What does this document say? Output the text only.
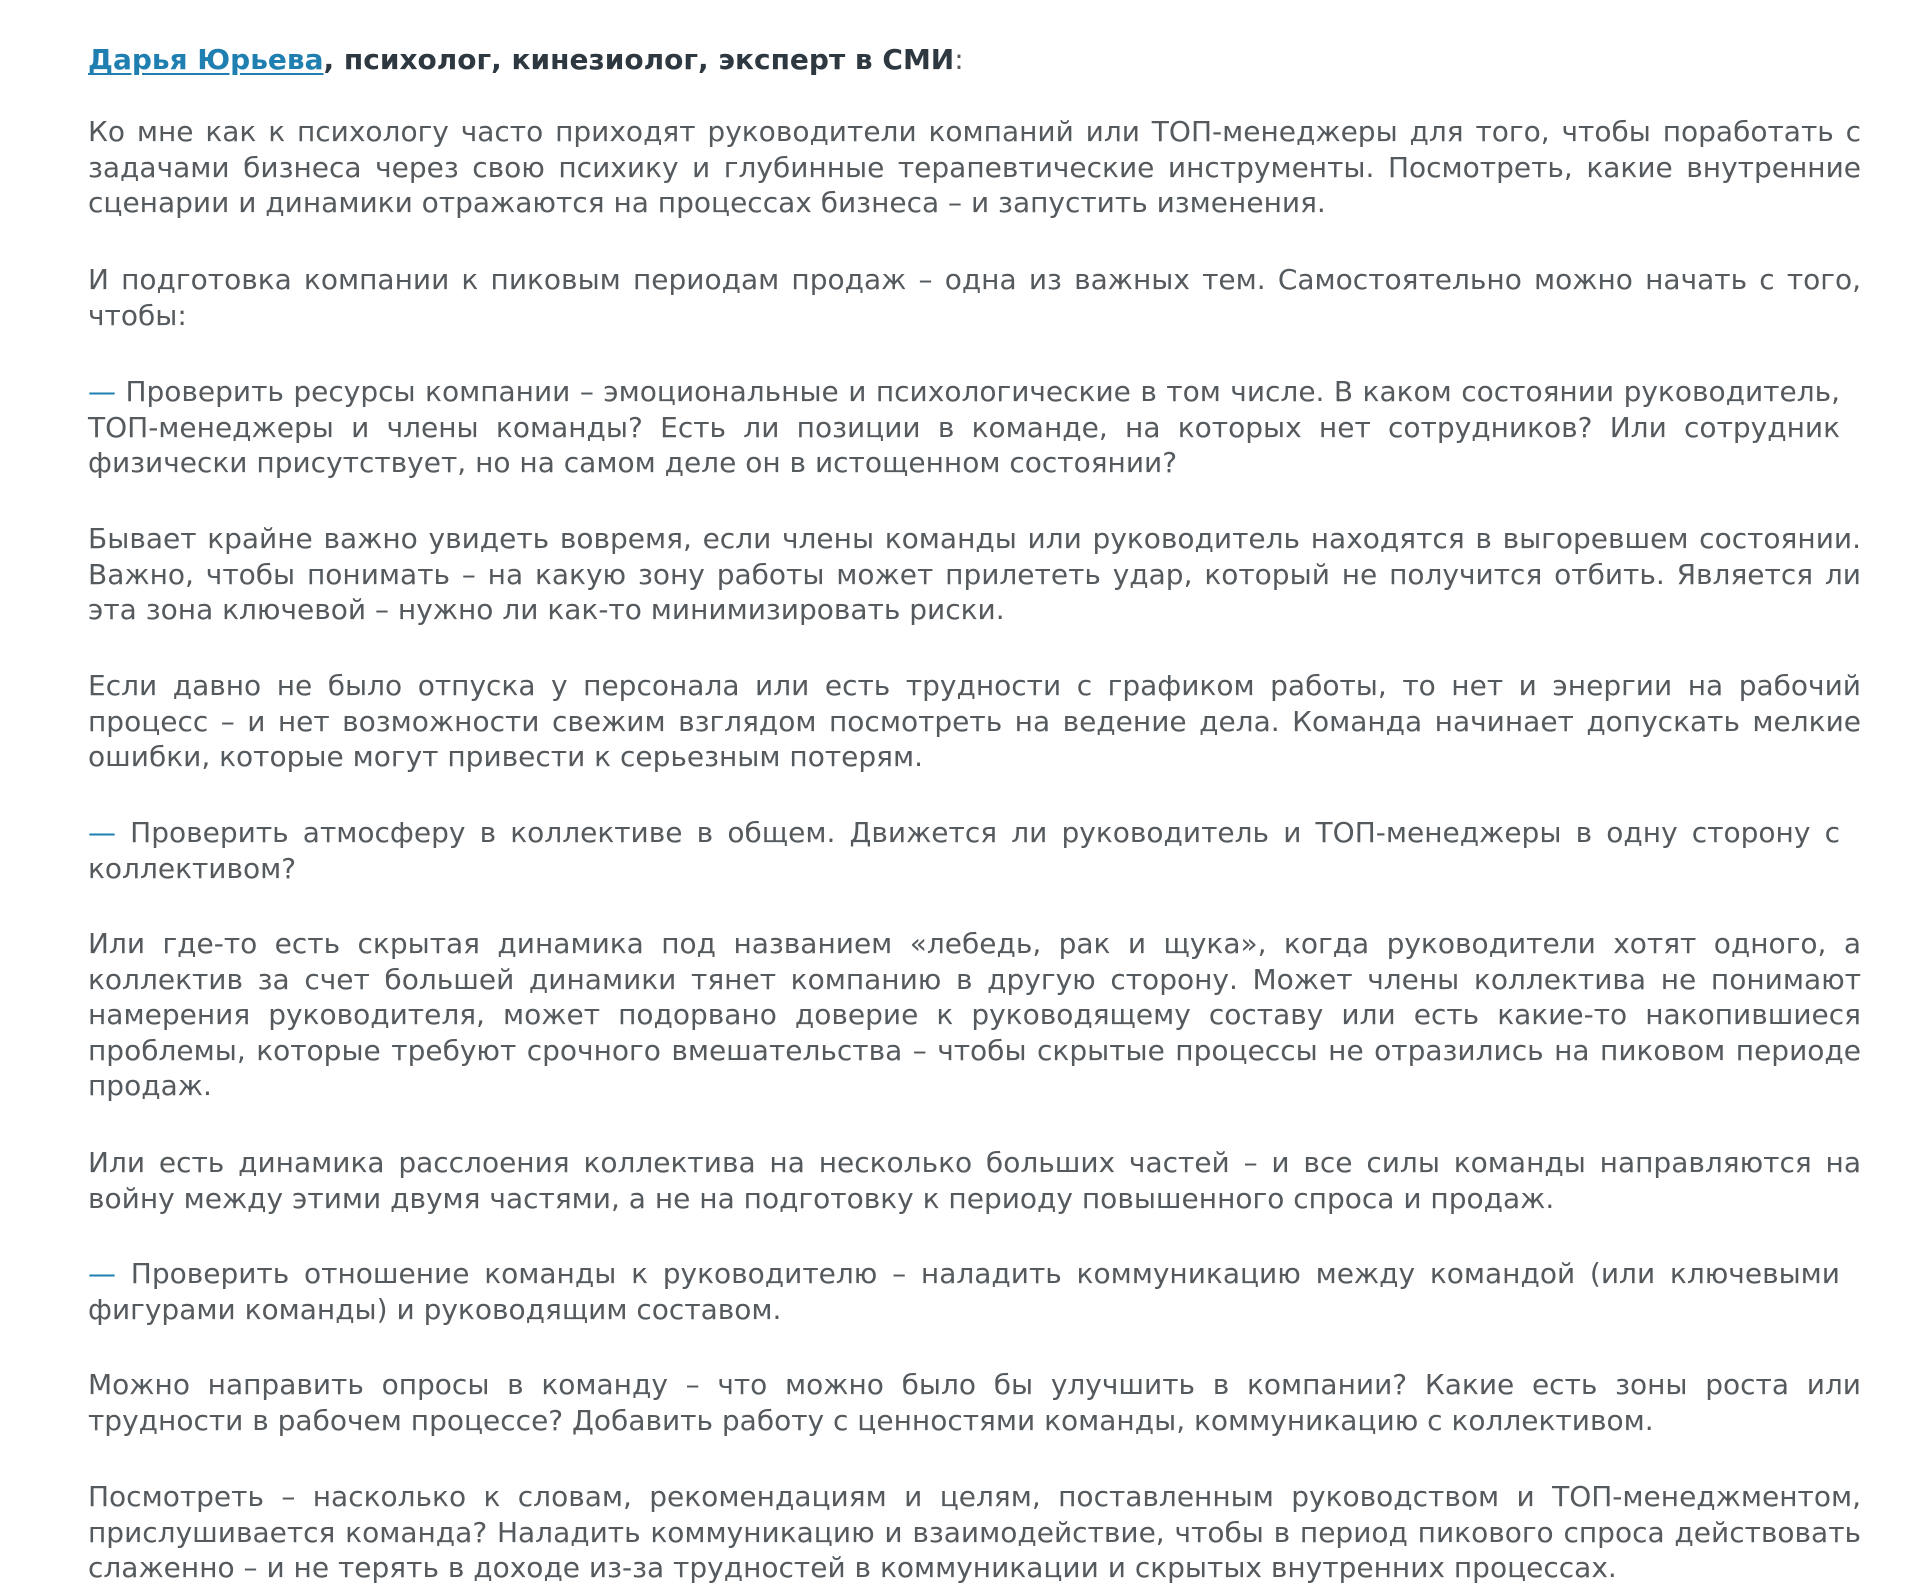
Дарья Юрьева, психолог, кинезиолог, эксперт в СМИ:

Ко мне как к психологу часто приходят руководители компаний или ТОП-менеджеры для того, чтобы поработать с задачами бизнеса через свою психику и глубинные терапевтические инструменты. Посмотреть, какие внутренние сценарии и динамики отражаются на процессах бизнеса – и запустить изменения.

И подготовка компании к пиковым периодам продаж – одна из важных тем. Самостоятельно можно начать с того, чтобы:

— Проверить ресурсы компании – эмоциональные и психологические в том числе. В каком состоянии руководитель, ТОП-менеджеры и члены команды? Есть ли позиции в команде, на которых нет сотрудников? Или сотрудник физически присутствует, но на самом деле он в истощенном состоянии?

Бывает крайне важно увидеть вовремя, если члены команды или руководитель находятся в выгоревшем состоянии. Важно, чтобы понимать – на какую зону работы может прилететь удар, который не получится отбить. Является ли эта зона ключевой – нужно ли как-то минимизировать риски.

Если давно не было отпуска у персонала или есть трудности с графиком работы, то нет и энергии на рабочий процесс – и нет возможности свежим взглядом посмотреть на ведение дела. Команда начинает допускать мелкие ошибки, которые могут привести к серьезным потерям.

— Проверить атмосферу в коллективе в общем. Движется ли руководитель и ТОП-менеджеры в одну сторону с коллективом?

Или где-то есть скрытая динамика под названием «лебедь, рак и щука», когда руководители хотят одного, а коллектив за счет большей динамики тянет компанию в другую сторону. Может члены коллектива не понимают намерения руководителя, может подорвано доверие к руководящему составу или есть какие-то накопившиеся проблемы, которые требуют срочного вмешательства – чтобы скрытые процессы не отразились на пиковом периоде продаж.

Или есть динамика расслоения коллектива на несколько больших частей – и все силы команды направляются на войну между этими двумя частями, а не на подготовку к периоду повышенного спроса и продаж.

— Проверить отношение команды к руководителю – наладить коммуникацию между командой (или ключевыми фигурами команды) и руководящим составом.

Можно направить опросы в команду – что можно было бы улучшить в компании? Какие есть зоны роста или трудности в рабочем процессе? Добавить работу с ценностями команды, коммуникацию с коллективом.

Посмотреть – насколько к словам, рекомендациям и целям, поставленным руководством и ТОП-менеджментом, прислушивается команда? Наладить коммуникацию и взаимодействие, чтобы в период пикового спроса действовать слаженно – и не терять в доходе из-за трудностей в коммуникации и скрытых внутренних процессах.
